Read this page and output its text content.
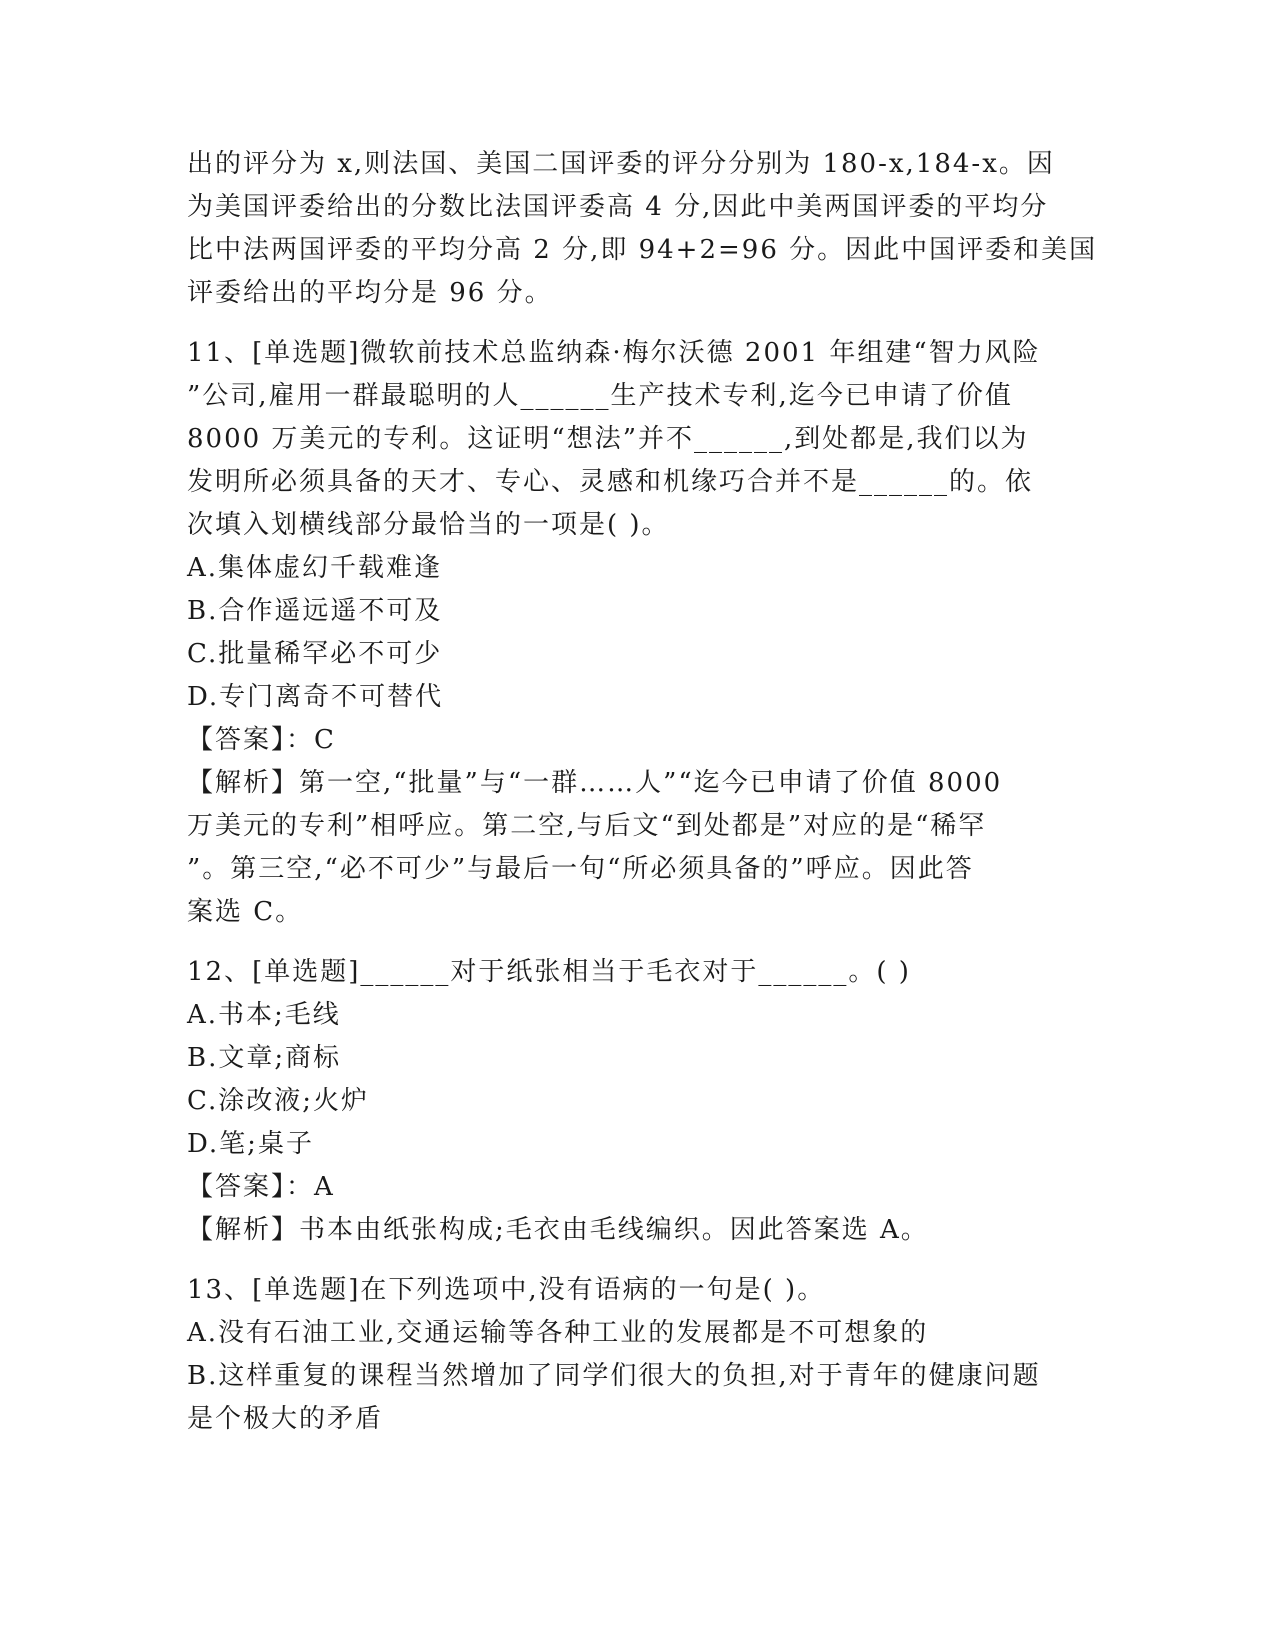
出的评分为 x,则法国、美国二国评委的评分分别为 180-x,184-x。因
为美国评委给出的分数比法国评委高 4 分,因此中美两国评委的平均分
比中法两国评委的平均分高 2 分,即 94+2=96 分。因此中国评委和美国
评委给出的平均分是 96 分。
11、[单选题]微软前技术总监纳森·梅尔沃德 2001 年组建“智力风险
”公司,雇用一群最聪明的人______生产技术专利,迄今已申请了价值
8000 万美元的专利。这证明“想法”并不______,到处都是,我们以为
发明所必须具备的天才、专心、灵感和机缘巧合并不是______的。依
次填入划横线部分最恰当的一项是( )。
A.集体虚幻千载难逢
B.合作遥远遥不可及
C.批量稀罕必不可少
D.专门离奇不可替代
【答案】：C
【解析】第一空,“批量”与“一群……人”“迄今已申请了价值 8000
万美元的专利”相呼应。第二空,与后文“到处都是”对应的是“稀罕
”。第三空,“必不可少”与最后一句“所必须具备的”呼应。因此答
案选 C。
12、[单选题]______对于纸张相当于毛衣对于______。( )
A.书本;毛线
B.文章;商标
C.涂改液;火炉
D.笔;桌子
【答案】：A
【解析】书本由纸张构成;毛衣由毛线编织。因此答案选 A。
13、[单选题]在下列选项中,没有语病的一句是( )。
A.没有石油工业,交通运输等各种工业的发展都是不可想象的
B.这样重复的课程当然增加了同学们很大的负担,对于青年的健康问题
是个极大的矛盾
